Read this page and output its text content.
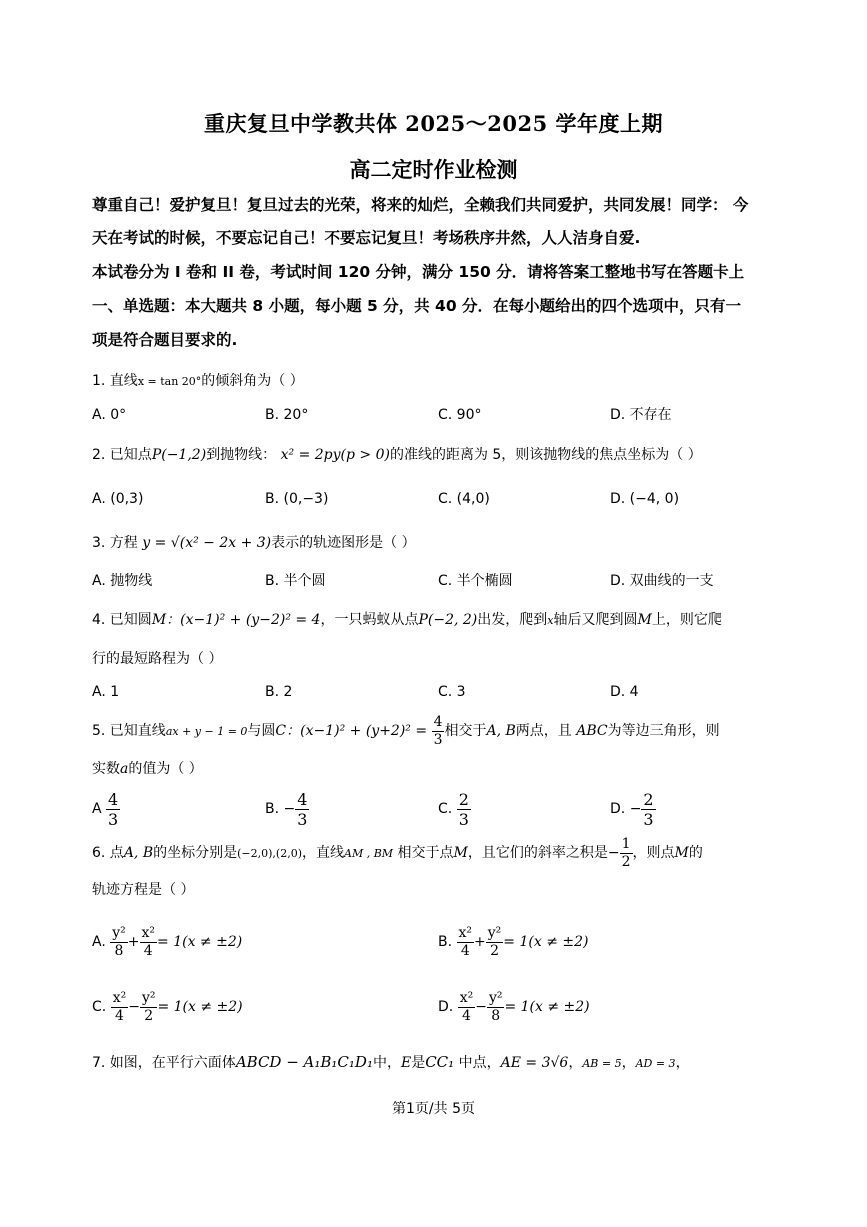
重庆复旦中学教共体 2025～2025 学年度上期
高二定时作业检测
尊重自己！爱护复旦！复旦过去的光荣，将来的灿烂，全赖我们共同爱护，共同发展！同学： 今
天在考试的时候，不要忘记自己！不要忘记复旦！考场秩序井然，人人洁身自爱.
本试卷分为 I 卷和 II 卷，考试时间 120 分钟，满分 150 分．请将答案工整地书写在答题卡上
一、单选题：本大题共 8 小题，每小题 5 分，共 40 分．在每小题给出的四个选项中，只有一
项是符合题目要求的.
1. 直线x = tan 20°的倾斜角为（ ）
A. 0°	B. 20°	C. 90°	D. 不存在
2. 已知点P(−1,2)到抛物线： x² = 2py(p > 0)的准线的距离为 5，则该抛物线的焦点坐标为（ ）
A. (0,3)	B. (0,−3)	C. (4,0)	D. (−4, 0)
3. 方程 y = √(x² − 2x + 3)表示的轨迹图形是（ ）
A. 抛物线	B. 半个圆	C. 半个椭圆	D. 双曲线的一支
4. 已知圆M：(x−1)² + (y−2)² = 4，一只蚂蚁从点P(−2, 2)出发，爬到x轴后又爬到圆M上，则它爬
行的最短路程为（ ）
A. 1	B. 2	C. 3	D. 4
5. 已知直线ax + y − 1 = 0与圆C：$(x-1)^2 + (y+2)^2 = \frac{4}{3}$ 相交于A, B两点，且 ABC为等边三角形，则
实数a的值为（ ）
A $\frac{4}{3}$	B. − $\frac{4}{3}$	C. $\frac{2}{3}$	D. − $\frac{2}{3}$
6. 点A, B的坐标分别是(−2,0),(2,0)，直线AM , BM 相交于点M，且它们的斜率之积是− $\frac{1}{2}$ ，则点M的
轨迹方程是（ ）
A. $\frac{\text{y²}}{8} + \frac{\text{x²}}{4} = 1(x \ne \pm 2)$	B. $\frac{\text{x²}}{4} + \frac{\text{y²}}{2} = 1(x \ne \pm 2)$
C. $\frac{\text{x²}}{4} - \frac{\text{y²}}{2} = 1(x \ne \pm 2)$	D. $\frac{\text{x²}}{4} - \frac{\text{y²}}{8} = 1(x \ne \pm 2)$
7. 如图，在平行六面体ABCD − A₁B₁C₁D₁中，E是CC₁ 中点，AE = 3√6，AB = 5，AD = 3，
第1页/共 5页
